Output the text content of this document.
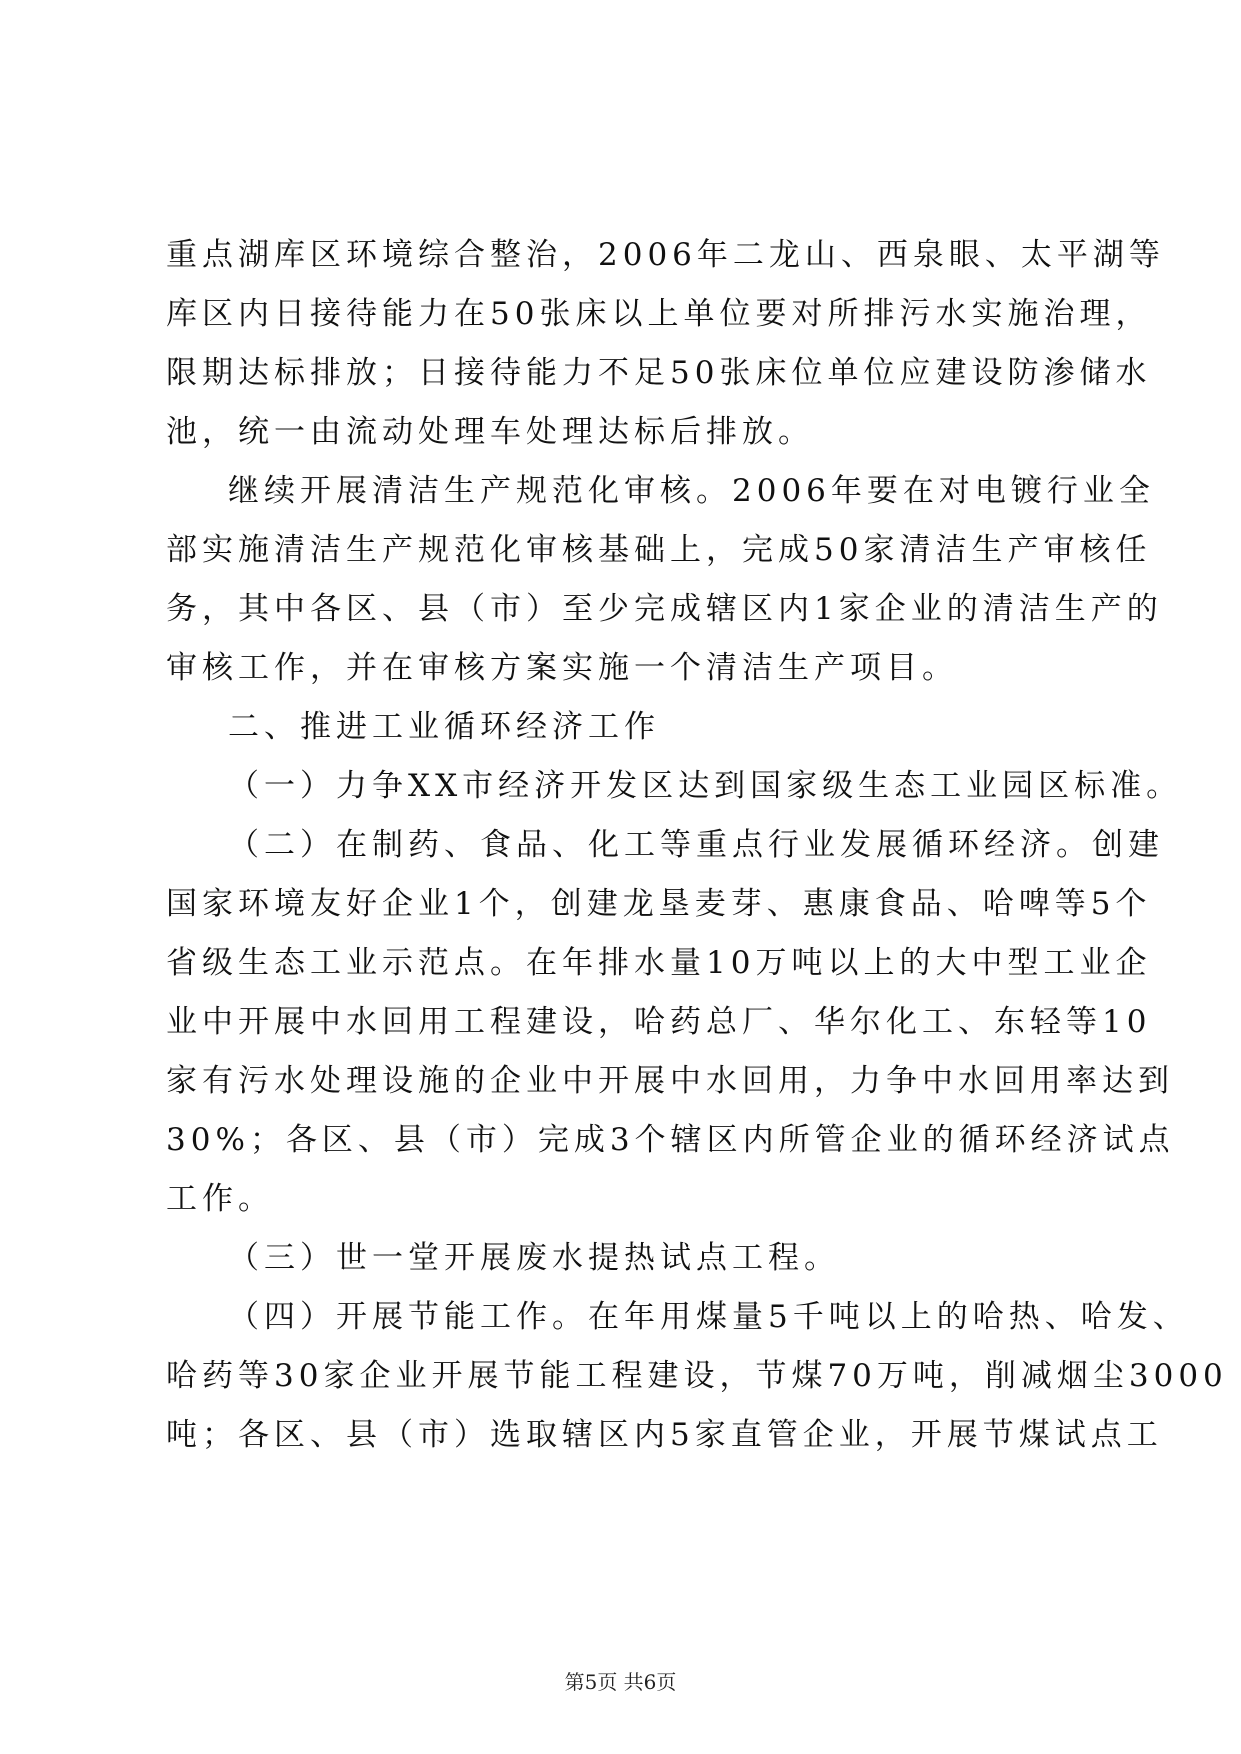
重点湖库区环境综合整治，2006年二龙山、西泉眼、太平湖等
库区内日接待能力在50张床以上单位要对所排污水实施治理，
限期达标排放；日接待能力不足50张床位单位应建设防渗储水
池，统一由流动处理车处理达标后排放。
继续开展清洁生产规范化审核。2006年要在对电镀行业全
部实施清洁生产规范化审核基础上，完成50家清洁生产审核任
务，其中各区、县（市）至少完成辖区内1家企业的清洁生产的
审核工作，并在审核方案实施一个清洁生产项目。
二、推进工业循环经济工作
（一）力争XX市经济开发区达到国家级生态工业园区标准。
（二）在制药、食品、化工等重点行业发展循环经济。创建
国家环境友好企业1个，创建龙垦麦芽、惠康食品、哈啤等5个
省级生态工业示范点。在年排水量10万吨以上的大中型工业企
业中开展中水回用工程建设，哈药总厂、华尔化工、东轻等10
家有污水处理设施的企业中开展中水回用，力争中水回用率达到
30%；各区、县（市）完成3个辖区内所管企业的循环经济试点
工作。
（三）世一堂开展废水提热试点工程。
（四）开展节能工作。在年用煤量5千吨以上的哈热、哈发、
哈药等30家企业开展节能工程建设，节煤70万吨，削减烟尘3000
吨；各区、县（市）选取辖区内5家直管企业，开展节煤试点工
第5页 共6页
